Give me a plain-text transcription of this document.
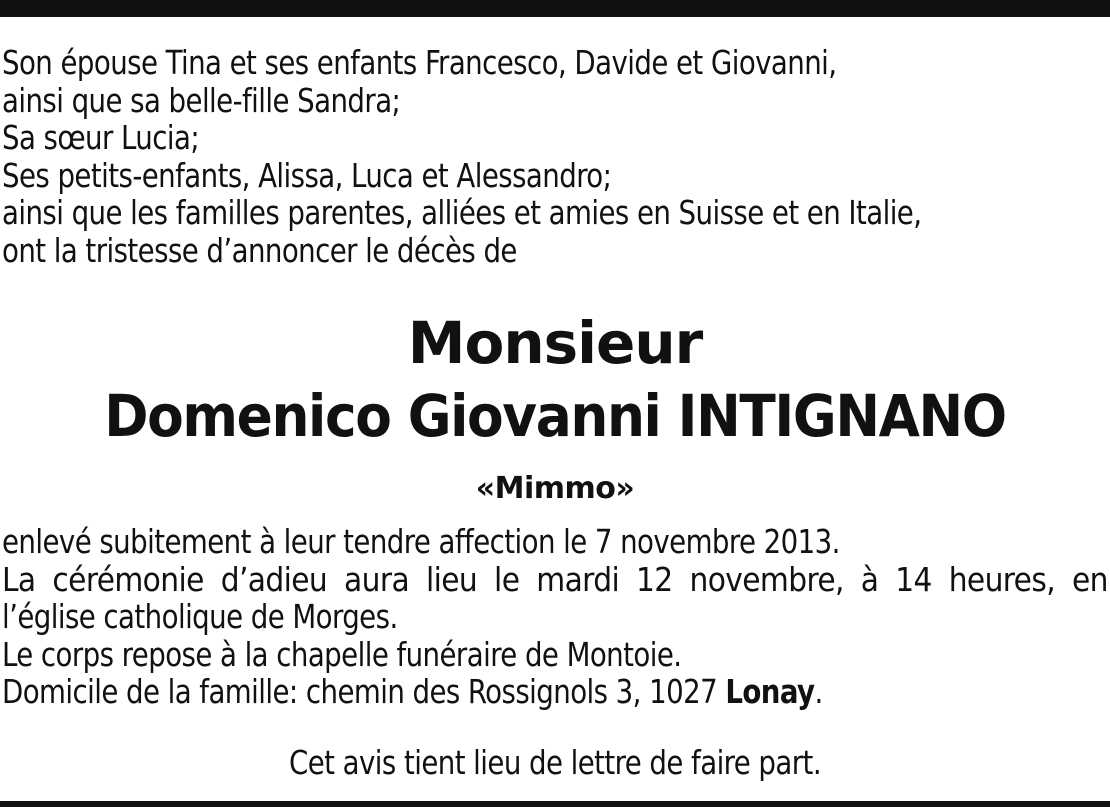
Son épouse Tina et ses enfants Francesco, Davide et Giovanni,
ainsi que sa belle-fille Sandra;
Sa sœur Lucia;
Ses petits-enfants, Alissa, Luca et Alessandro;
ainsi que les familles parentes, alliées et amies en Suisse et en Italie,
ont la tristesse d’annoncer le décès de
Monsieur
Domenico Giovanni INTIGNANO
«Mimmo»
enlevé subitement à leur tendre affection le 7 novembre 2013.
La cérémonie d’adieu aura lieu le mardi 12 novembre, à 14 heures, en
l’église catholique de Morges.
Le corps repose à la chapelle funéraire de Montoie.
Domicile de la famille: chemin des Rossignols 3, 1027 Lonay.
Cet avis tient lieu de lettre de faire part.
